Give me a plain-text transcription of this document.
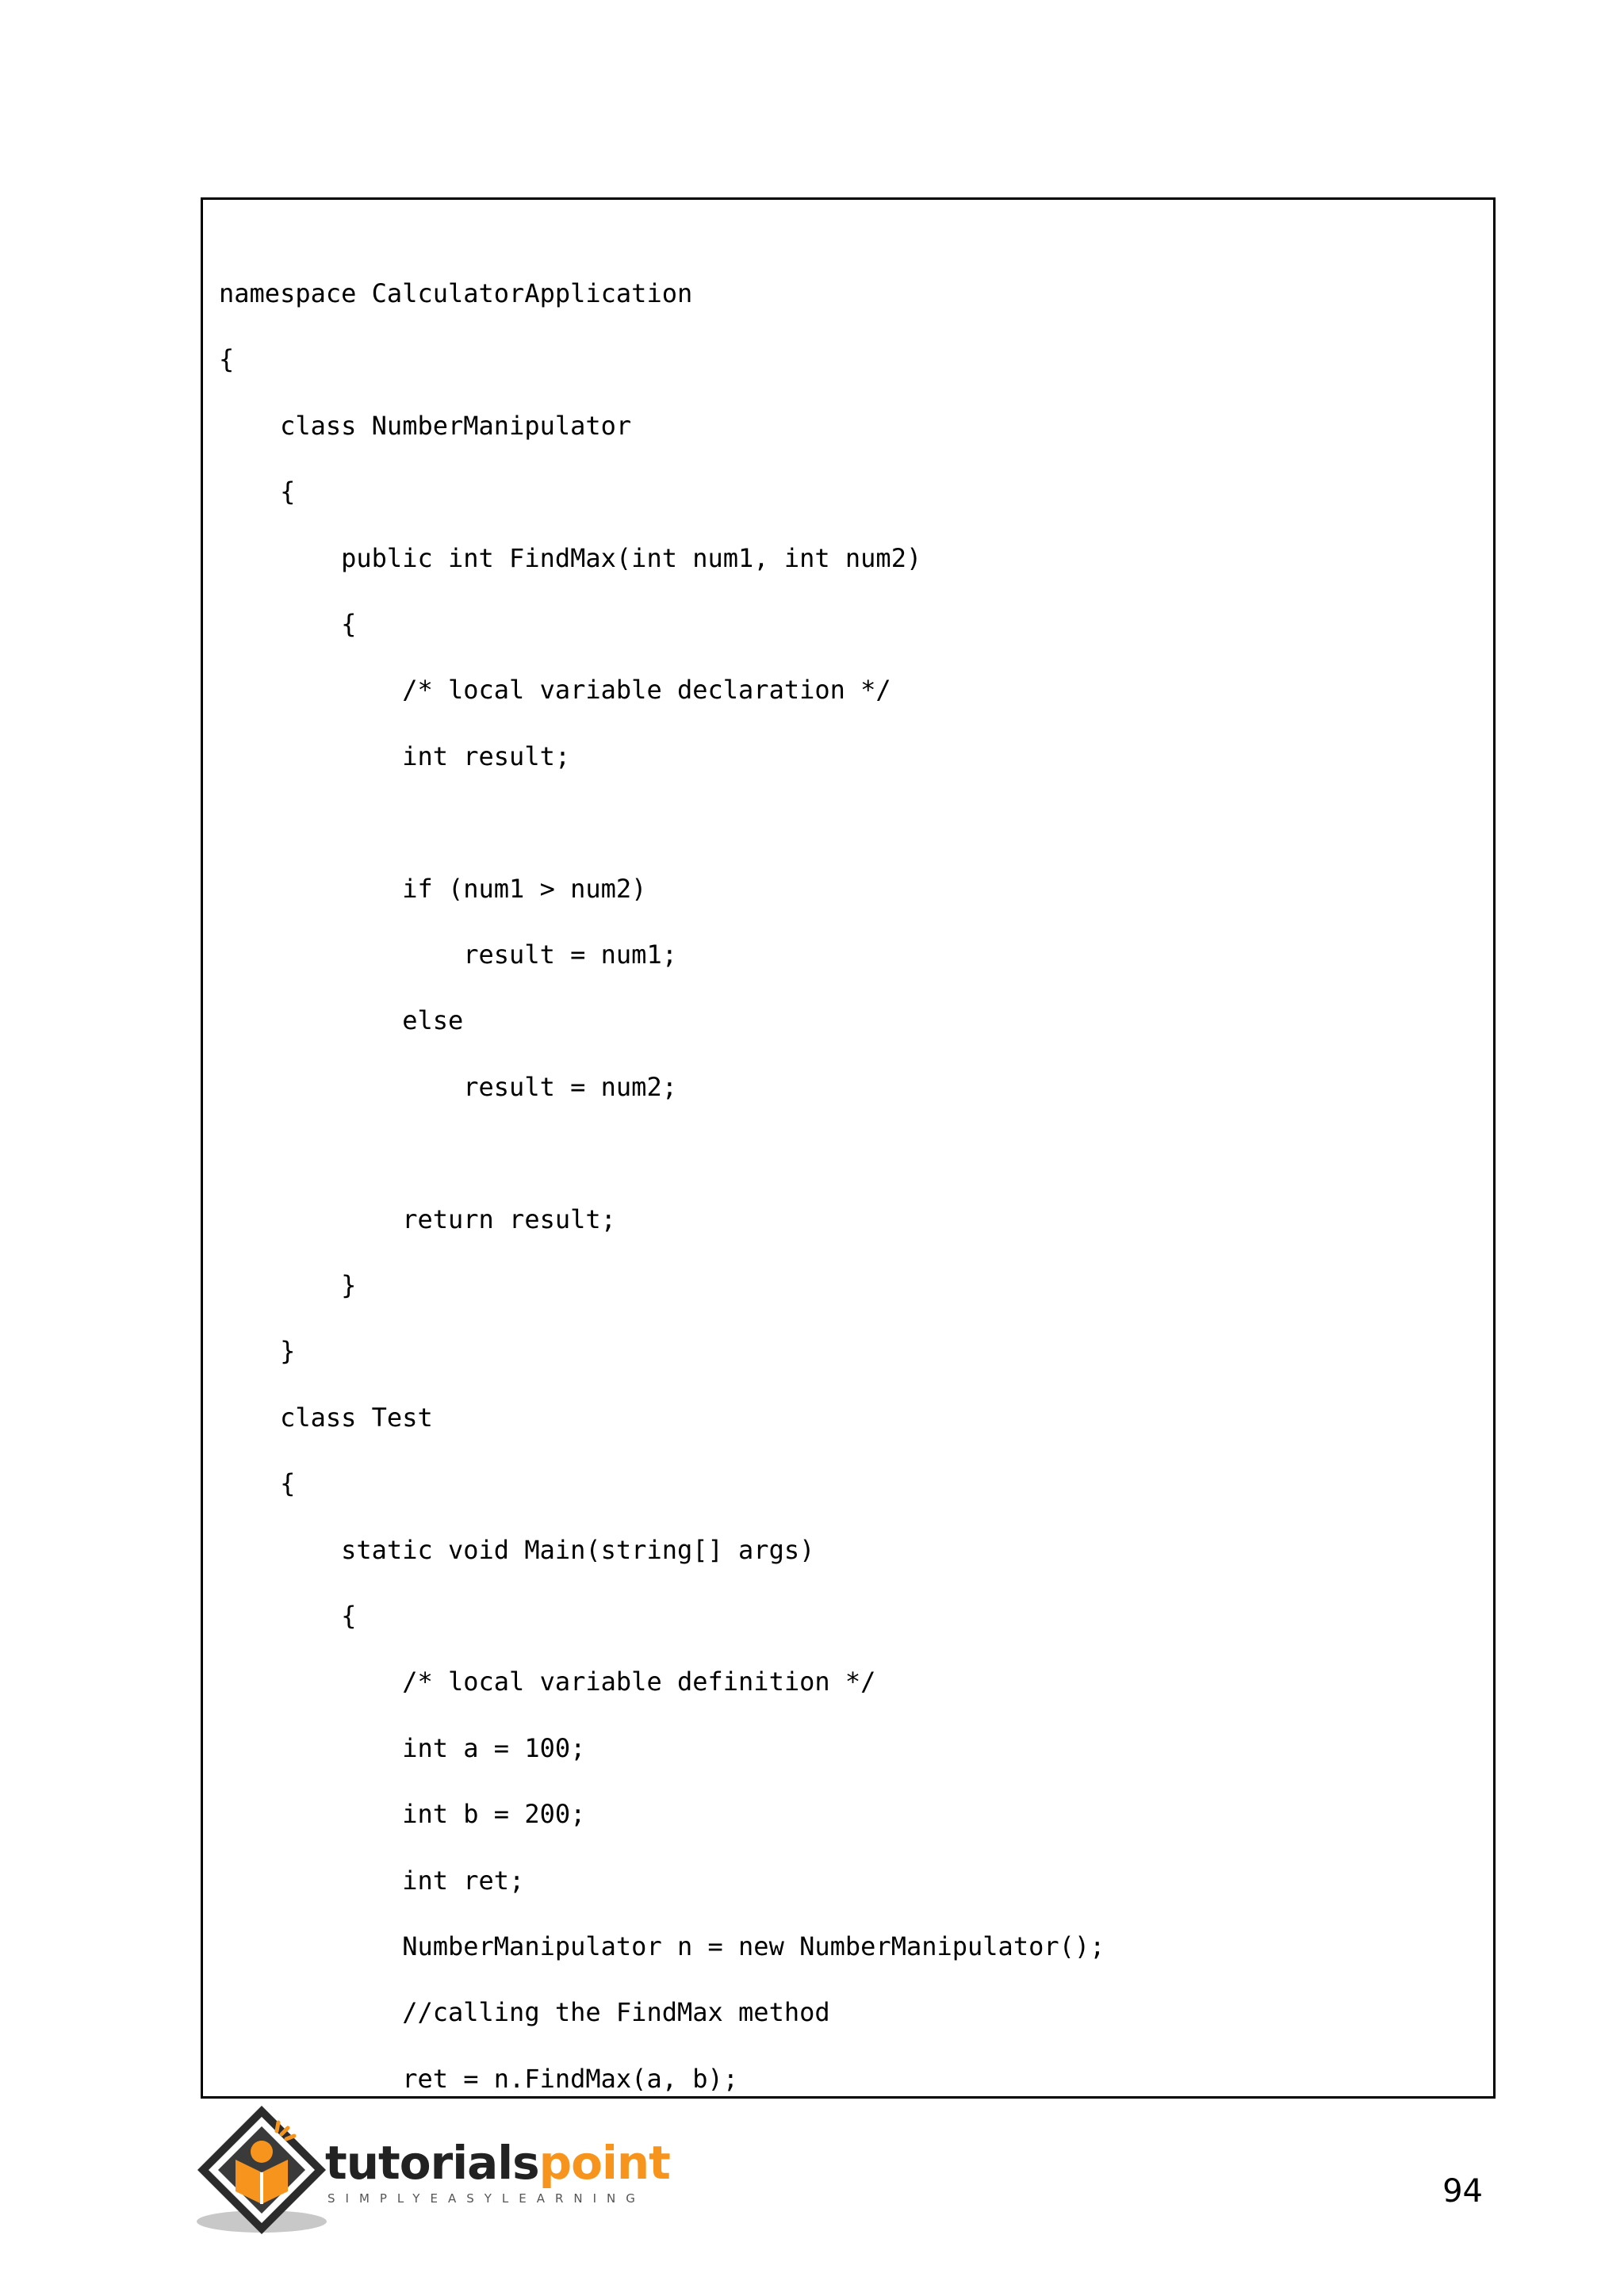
namespace CalculatorApplication
{
class NumberManipulator
{
public int FindMax(int num1, int num2)
{
/* local variable declaration */
int result;
if (num1 > num2)
result = num1;
else
result = num2;
return result;
}
}
class Test
{
static void Main(string[] args)
{
/* local variable definition */
int a = 100;
int b = 200;
int ret;
NumberManipulator n = new NumberManipulator();
//calling the FindMax method
ret = n.FindMax(a, b);
tutorialspoint
SIMPLYEASYLEARNING	94
